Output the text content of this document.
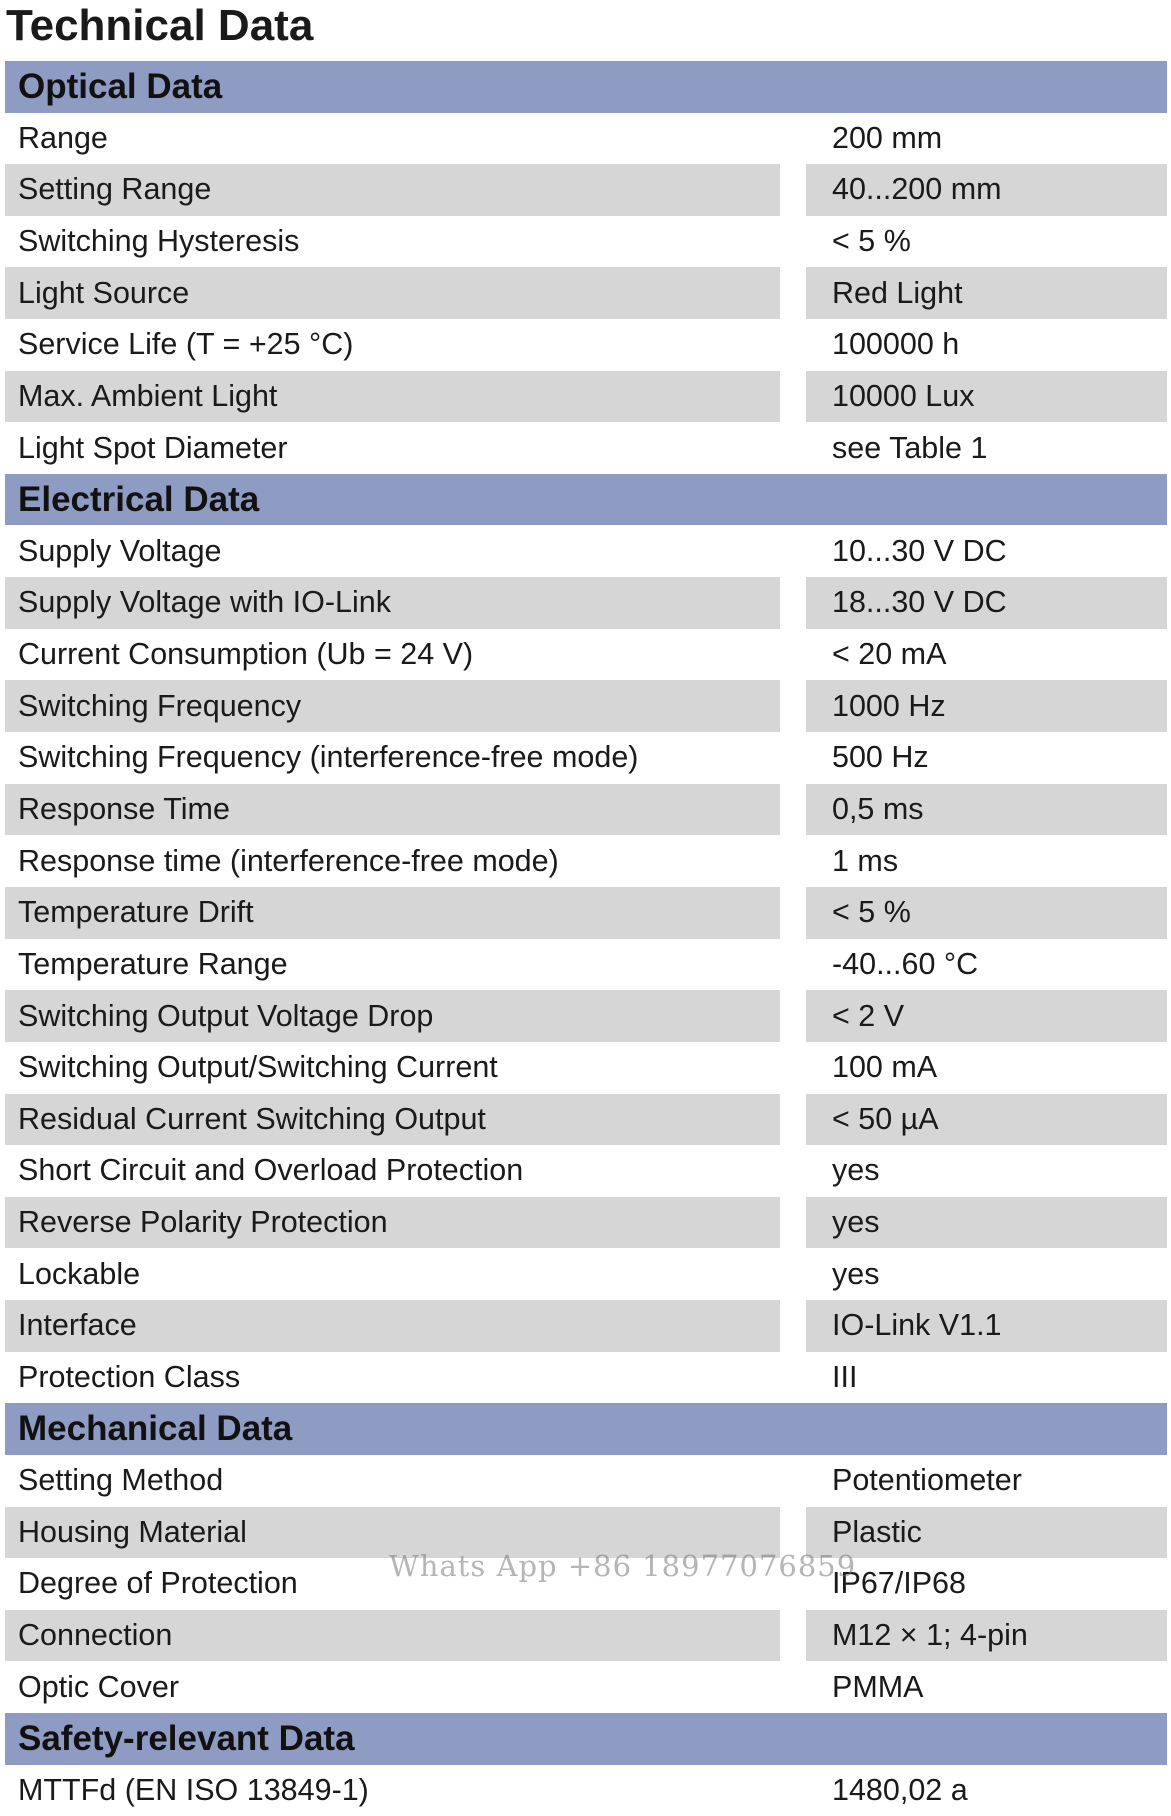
Technical Data
Optical Data
Range	200 mm
Setting Range	40...200 mm
Switching Hysteresis	< 5 %
Light Source	Red Light
Service Life (T = +25 °C)	100000 h
Max. Ambient Light	10000 Lux
Light Spot Diameter	see Table 1
Electrical Data
Supply Voltage	10...30 V DC
Supply Voltage with IO-Link	18...30 V DC
Current Consumption (Ub = 24 V)	< 20 mA
Switching Frequency	1000 Hz
Switching Frequency (interference-free mode)	500 Hz
Response Time	0,5 ms
Response time (interference-free mode)	1 ms
Temperature Drift	< 5 %
Temperature Range	-40...60 °C
Switching Output Voltage Drop	< 2 V
Switching Output/Switching Current	100 mA
Residual Current Switching Output	< 50 µA
Short Circuit and Overload Protection	yes
Reverse Polarity Protection	yes
Lockable	yes
Interface	IO-Link V1.1
Protection Class	III
Mechanical Data
Setting Method	Potentiometer
Housing Material	Plastic
Degree of Protection	IP67/IP68
Connection	M12 × 1; 4-pin
Optic Cover	PMMA
Safety-relevant Data
MTTFd (EN ISO 13849-1)	1480,02 a
Whats App +86 18977076859
